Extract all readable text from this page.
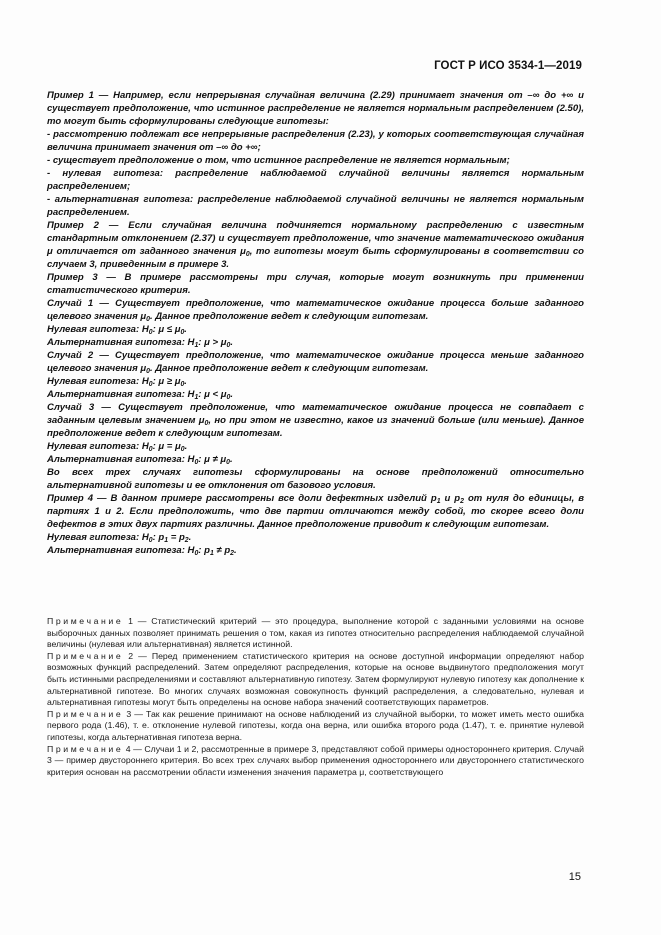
ГОСТ Р ИСО 3534-1—2019

Пример 1 — Например, если непрерывная случайная величина (2.29) принимает значения от –∞ до +∞ и существует предположение, что истинное распределение не является нормальным распределением (2.50), то могут быть сформулированы следующие гипотезы:

- рассмотрению подлежат все непрерывные распределения (2.23), у которых соответствующая случайная величина принимает значения от –∞ до +∞;

- существует предположение о том, что истинное распределение не является нормальным;

- нулевая гипотеза: распределение наблюдаемой случайной величины является нормальным распределением;

- альтернативная гипотеза: распределение наблюдаемой случайной величины не является нормальным распределением.

Пример 2 — Если случайная величина подчиняется нормальному распределению с известным стандартным отклонением (2.37) и существует предположение, что значение математического ожидания μ отличается от заданного значения $\mu_0$, то гипотезы могут быть сформулированы в соответствии со случаем 3, приведенным в примере 3.

Пример 3 — В примере рассмотрены три случая, которые могут возникнуть при применении статистического критерия.

Случай 1 — Существует предположение, что математическое ожидание процесса больше заданного целевого значения $\mu_0$. Данное предположение ведет к следующим гипотезам.

Нулевая гипотеза: $H_0$: $\mu \le \mu_0$.

Альтернативная гипотеза: $H_1$: $\mu > \mu_0$.

Случай 2 — Существует предположение, что математическое ожидание процесса меньше заданного целевого значения $\mu_0$. Данное предположение ведет к следующим гипотезам.

Нулевая гипотеза: $H_0$: $\mu \ge \mu_0$.

Альтернативная гипотеза: $H_1$: $\mu < \mu_0$.

Случай 3 — Существует предположение, что математическое ожидание процесса не совпадает с заданным целевым значением $\mu_0$, но при этом не известно, какое из значений больше (или меньше). Данное предположение ведет к следующим гипотезам.

Нулевая гипотеза: $H_0$: $\mu = \mu_0$.

Альтернативная гипотеза: $H_0$: $\mu \ne \mu_0$.

Во всех трех случаях гипотезы сформулированы на основе предположений относительно альтернативной гипотезы и ее отклонения от базового условия.

Пример 4 — В данном примере рассмотрены все доли дефектных изделий $p_1$ и $p_2$ от нуля до единицы, в партиях 1 и 2. Если предположить, что две партии отличаются между собой, то скорее всего доли дефектов в этих двух партиях различны. Данное предположение приводит к следующим гипотезам.

Нулевая гипотеза: $H_0$: $p_1 = p_2$.

Альтернативная гипотеза: $H_0$: $p_1 \ne p_2$.

Примечание 1 — Статистический критерий — это процедура, выполнение которой с заданными условиями на основе выборочных данных позволяет принимать решения о том, какая из гипотез относительно распределения наблюдаемой случайной величины (нулевая или альтернативная) является истинной.

Примечание 2 — Перед применением статистического критерия на основе доступной информации определяют набор возможных функций распределений. Затем определяют распределения, которые на основе выдвинутого предположения могут быть истинными распределениями и составляют альтернативную гипотезу. Затем формулируют нулевую гипотезу как дополнение к альтернативной гипотезе. Во многих случаях возможная совокупность функций распределения, а следовательно, нулевая и альтернативная гипотезы могут быть определены на основе набора значений соответствующих параметров.

Примечание 3 — Так как решение принимают на основе наблюдений из случайной выборки, то может иметь место ошибка первого рода (1.46), т. е. отклонение нулевой гипотезы, когда она верна, или ошибка второго рода (1.47), т. е. принятие нулевой гипотезы, когда альтернативная гипотеза верна.

Примечание 4 — Случаи 1 и 2, рассмотренные в примере 3, представляют собой примеры одностороннего критерия. Случай 3 — пример двустороннего критерия. Во всех трех случаях выбор применения одностороннего или двустороннего статистического критерия основан на рассмотрении области изменения значения параметра μ, соответствующего

15
